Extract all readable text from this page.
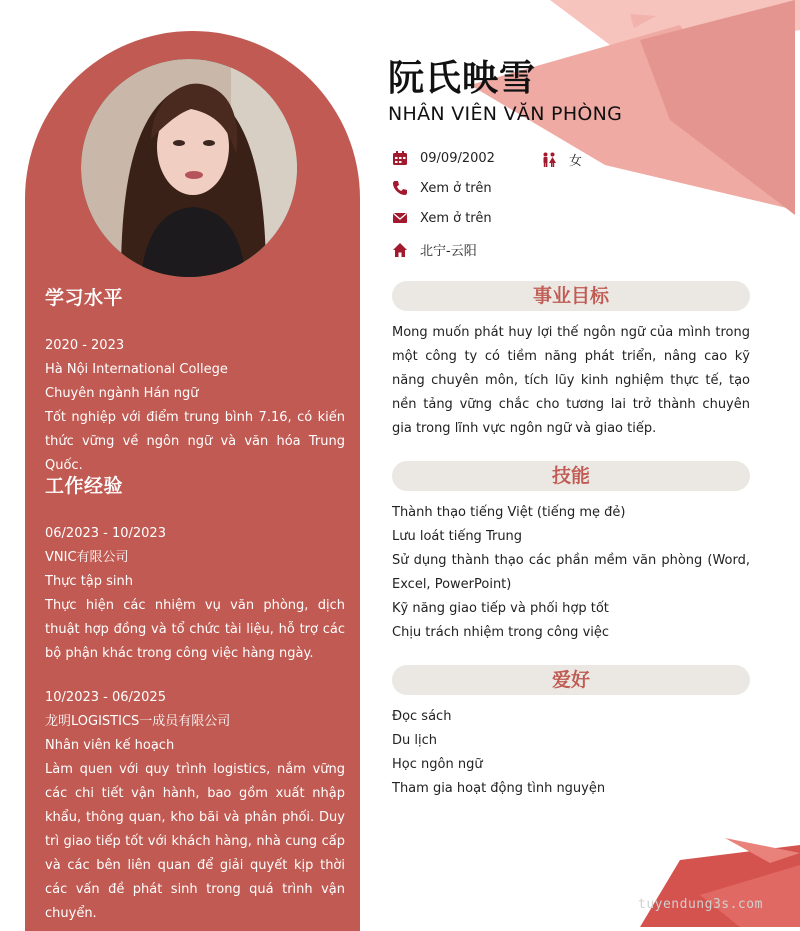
学习水平
2020 - 2023
Hà Nội International College
Chuyên ngành Hán ngữ
Tốt nghiệp với điểm trung bình 7.16, có kiến thức vững về ngôn ngữ và văn hóa Trung Quốc.
工作经验
06/2023 - 10/2023
VNIC有限公司
Thực tập sinh
Thực hiện các nhiệm vụ văn phòng, dịch thuật hợp đồng và tổ chức tài liệu, hỗ trợ các bộ phận khác trong công việc hàng ngày.
10/2023 - 06/2025
龙明LOGISTICS一成员有限公司
Nhân viên kế hoạch
Làm quen với quy trình logistics, nắm vững các chi tiết vận hành, bao gồm xuất nhập khẩu, thông quan, kho bãi và phân phối. Duy trì giao tiếp tốt với khách hàng, nhà cung cấp và các bên liên quan để giải quyết kịp thời các vấn đề phát sinh trong quá trình vận chuyển.
阮氏映雪
NHÂN VIÊN VĂN PHÒNG
09/09/2002	女
Xem ở trên
Xem ở trên
北宁-云阳
事业目标
Mong muốn phát huy lợi thế ngôn ngữ của mình trong một công ty có tiềm năng phát triển, nâng cao kỹ năng chuyên môn, tích lũy kinh nghiệm thực tế, tạo nền tảng vững chắc cho tương lai trở thành chuyên gia trong lĩnh vực ngôn ngữ và giao tiếp.
技能
Thành thạo tiếng Việt (tiếng mẹ đẻ)
Lưu loát tiếng Trung
Sử dụng thành thạo các phần mềm văn phòng (Word, Excel, PowerPoint)
Kỹ năng giao tiếp và phối hợp tốt
Chịu trách nhiệm trong công việc
爱好
Đọc sách
Du lịch
Học ngôn ngữ
Tham gia hoạt động tình nguyện
tuyendung3s.com
